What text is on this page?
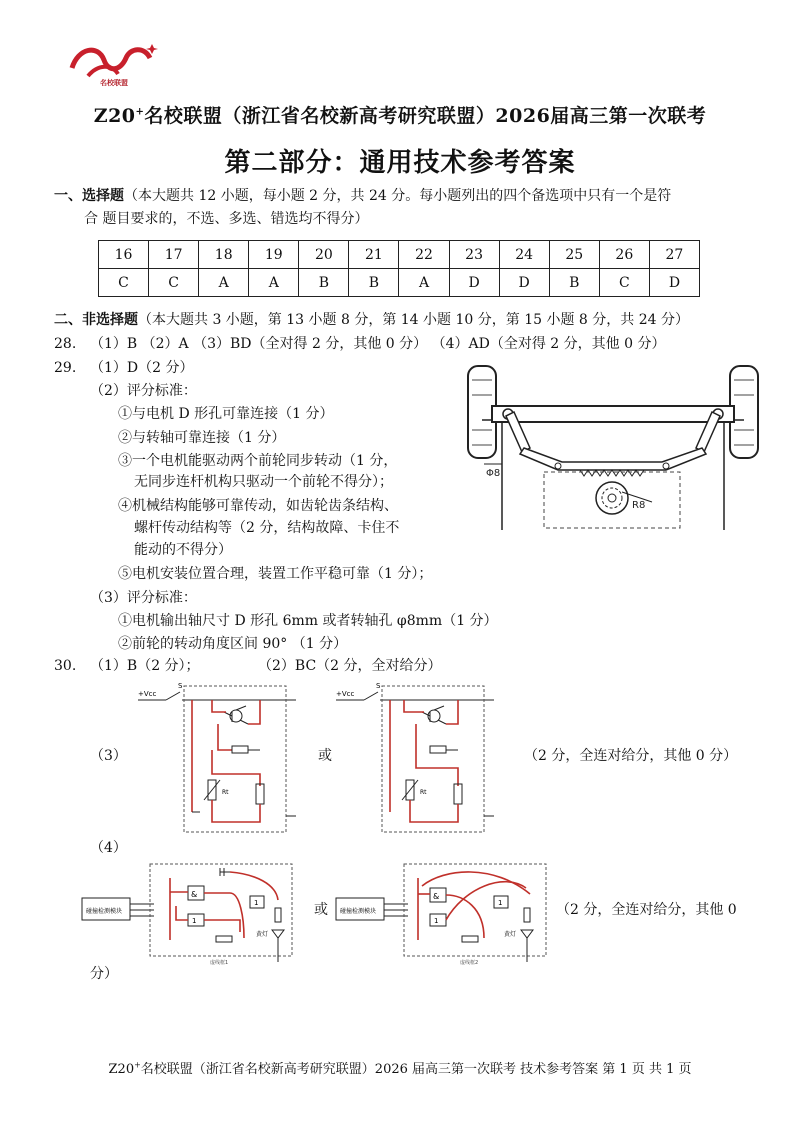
名校联盟
Z20+名校联盟（浙江省名校新高考研究联盟）2026届高三第一次联考
第二部分：通用技术参考答案
一、选择题（本大题共 12 小题，每小题 2 分，共 24 分。每小题列出的四个备选项中只有一个是符
合 题目要求的，不选、多选、错选均不得分）
16	17	18	19	20	21	22	23	24	25	26	27
C	C	A	A	B	B	A	D	D	B	C	D
二、非选择题（本大题共 3 小题，第 13 小题 8 分，第 14 小题 10 分，第 15 小题 8 分，共 24 分）
28. （1）B （2）A （3）BD（全对得 2 分，其他 0 分） （4）AD（全对得 2 分，其他 0 分）
29. （1）D（2 分）
（2）评分标准：
①与电机 D 形孔可靠连接（1 分）
②与转轴可靠连接（1 分）
③一个电机能驱动两个前轮同步转动（1 分，
无同步连杆机构只驱动一个前轮不得分）；
④机械结构能够可靠传动，如齿轮齿条结构、
螺杆传动结构等（2 分，结构故障、卡住不
能动的不得分）
⑤电机安装位置合理，装置工作平稳可靠（1 分）；
（3）评分标准：
①电机输出轴尺寸 D 形孔 6mm 或者转轴孔 φ8mm（1 分）
②前轮的转动角度区间 90° （1 分）
R8
Φ8
30. （1）B（2 分）；	（2）BC（2 分，全对给分）
（3）	或	（2 分，全连对给分，其他 0 分）
+Vcc
S
Rt
+Vcc
S
Rt
（4）
碰撞检测模块
&
1
1
黄灯
虚线框1
或 碰撞检测模块
&
1
1
黄灯
虚线框2
（2 分，全连对给分，其他 0
分）
Z20+名校联盟（浙江省名校新高考研究联盟）2026 届高三第一次联考 技术参考答案 第 1 页 共 1 页
